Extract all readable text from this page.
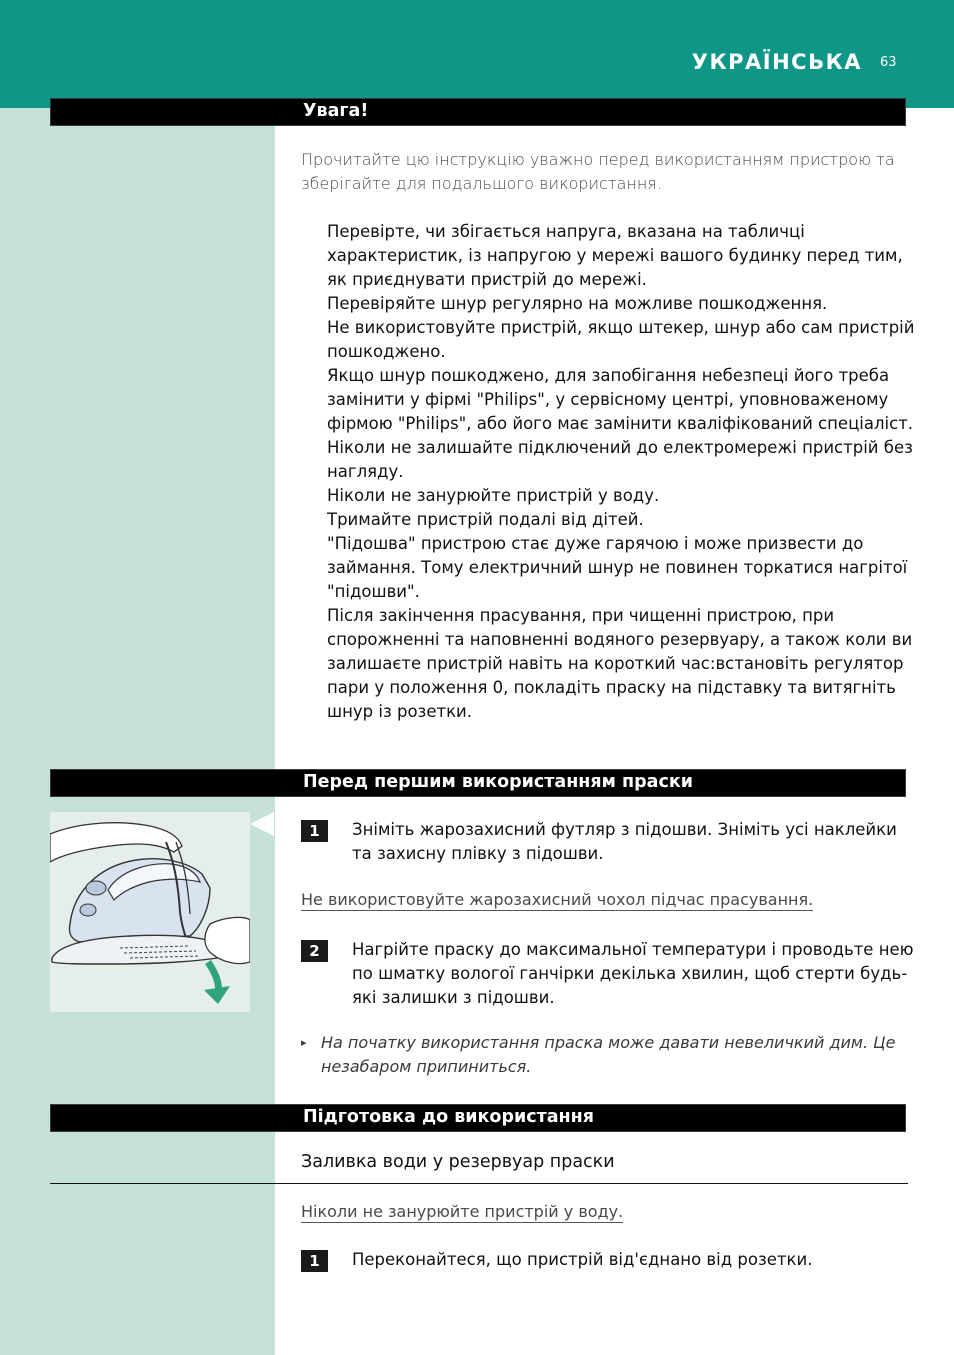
УКРАЇНСЬКА 63
Увага!

Прочитайте цю інструкцію уважно перед використанням пристрою та зберігайте для подальшого використання.

Перевірте, чи збігається напруга, вказана на табличці характеристик, із напругою у мережі вашого будинку перед тим, як приєднувати пристрій до мережі.
Перевіряйте шнур регулярно на можливе пошкодження.
Не використовуйте пристрій, якщо штекер, шнур або сам пристрій пошкоджено.
Якщо шнур пошкоджено, для запобігання небезпеці його треба замінити у фірмі "Philips", у сервісному центрі, уповноваженому фірмою "Philips", або його має замінити кваліфікований спеціаліст.
Ніколи не залишайте підключений до електромережі пристрій без нагляду.
Ніколи не занурюйте пристрій у воду.
Тримайте пристрій подалі від дітей.
"Підошва" пристрою стає дуже гарячою і може призвести до займання. Тому електричний шнур не повинен торкатися нагрітої "підошви".
Після закінчення прасування, при чищенні пристрою, при спорожненні та наповненні водяного резервуару, а також коли ви залишаєте пристрій навіть на короткий час:встановіть регулятор пари у положення 0, покладіть праску на підставку та витягніть шнур із розетки.
Перед першим використанням праски
1	Зніміть жарозахисний футляр з підошви. Зніміть усі наклейки та захисну плівку з підошви.

Не використовуйте жарозахисний чохол підчас прасування.
2	Нагрійте праску до максимальної температури і проводьте нею по шматку вологої ганчірки декілька хвилин, щоб стерти будь-які залишки з підошви.

▸ На початку використання праска може давати невеличкий дим. Це незабаром припиниться.
Підготовка до використання
Заливка води у резервуар праски
Ніколи не занурюйте пристрій у воду.
1	Переконайтеся, що пристрій від'єднано від розетки.
